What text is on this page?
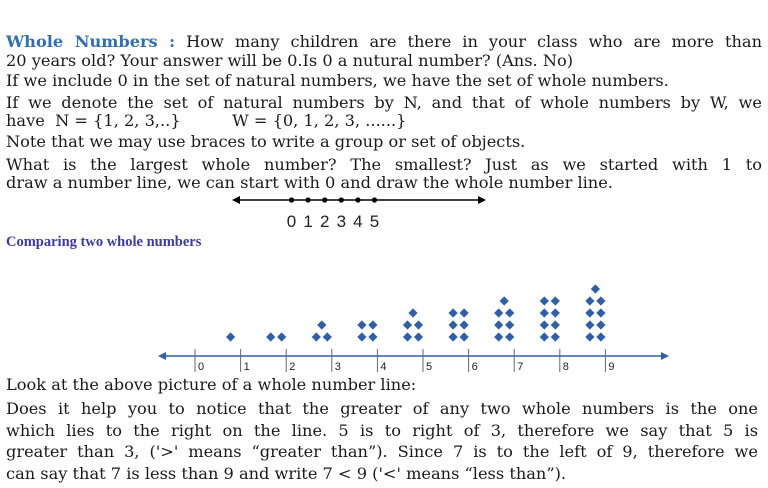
Whole Numbers : How many children are there in your class who are more than
20 years old? Your answer will be 0.Is 0 a nutural number? (Ans. No)
If we include 0 in the set of natural numbers, we have the set of whole numbers.
If we denote the set of natural numbers by N, and that of whole numbers by W, we
have  N = {1, 2, 3,..}          W = {0, 1, 2, 3, ......}
Note that we may use braces to write a group or set of objects.
What is the largest whole number? The smallest? Just as we started with 1 to
draw a number line, we can start with 0 and draw the whole number line.
0 1 2 3 4 5
Comparing two whole numbers
0	1	2	3	4	5	6	7	8	9
Look at the above picture of a whole number line:
Does it help you to notice that the greater of any two whole numbers is the one
which lies to the right on the line. 5 is to right of 3, therefore we say that 5 is
greater than 3, ('>' means “greater than”). Since 7 is to the left of 9, therefore we
can say that 7 is less than 9 and write 7 < 9 ('<' means “less than”).
